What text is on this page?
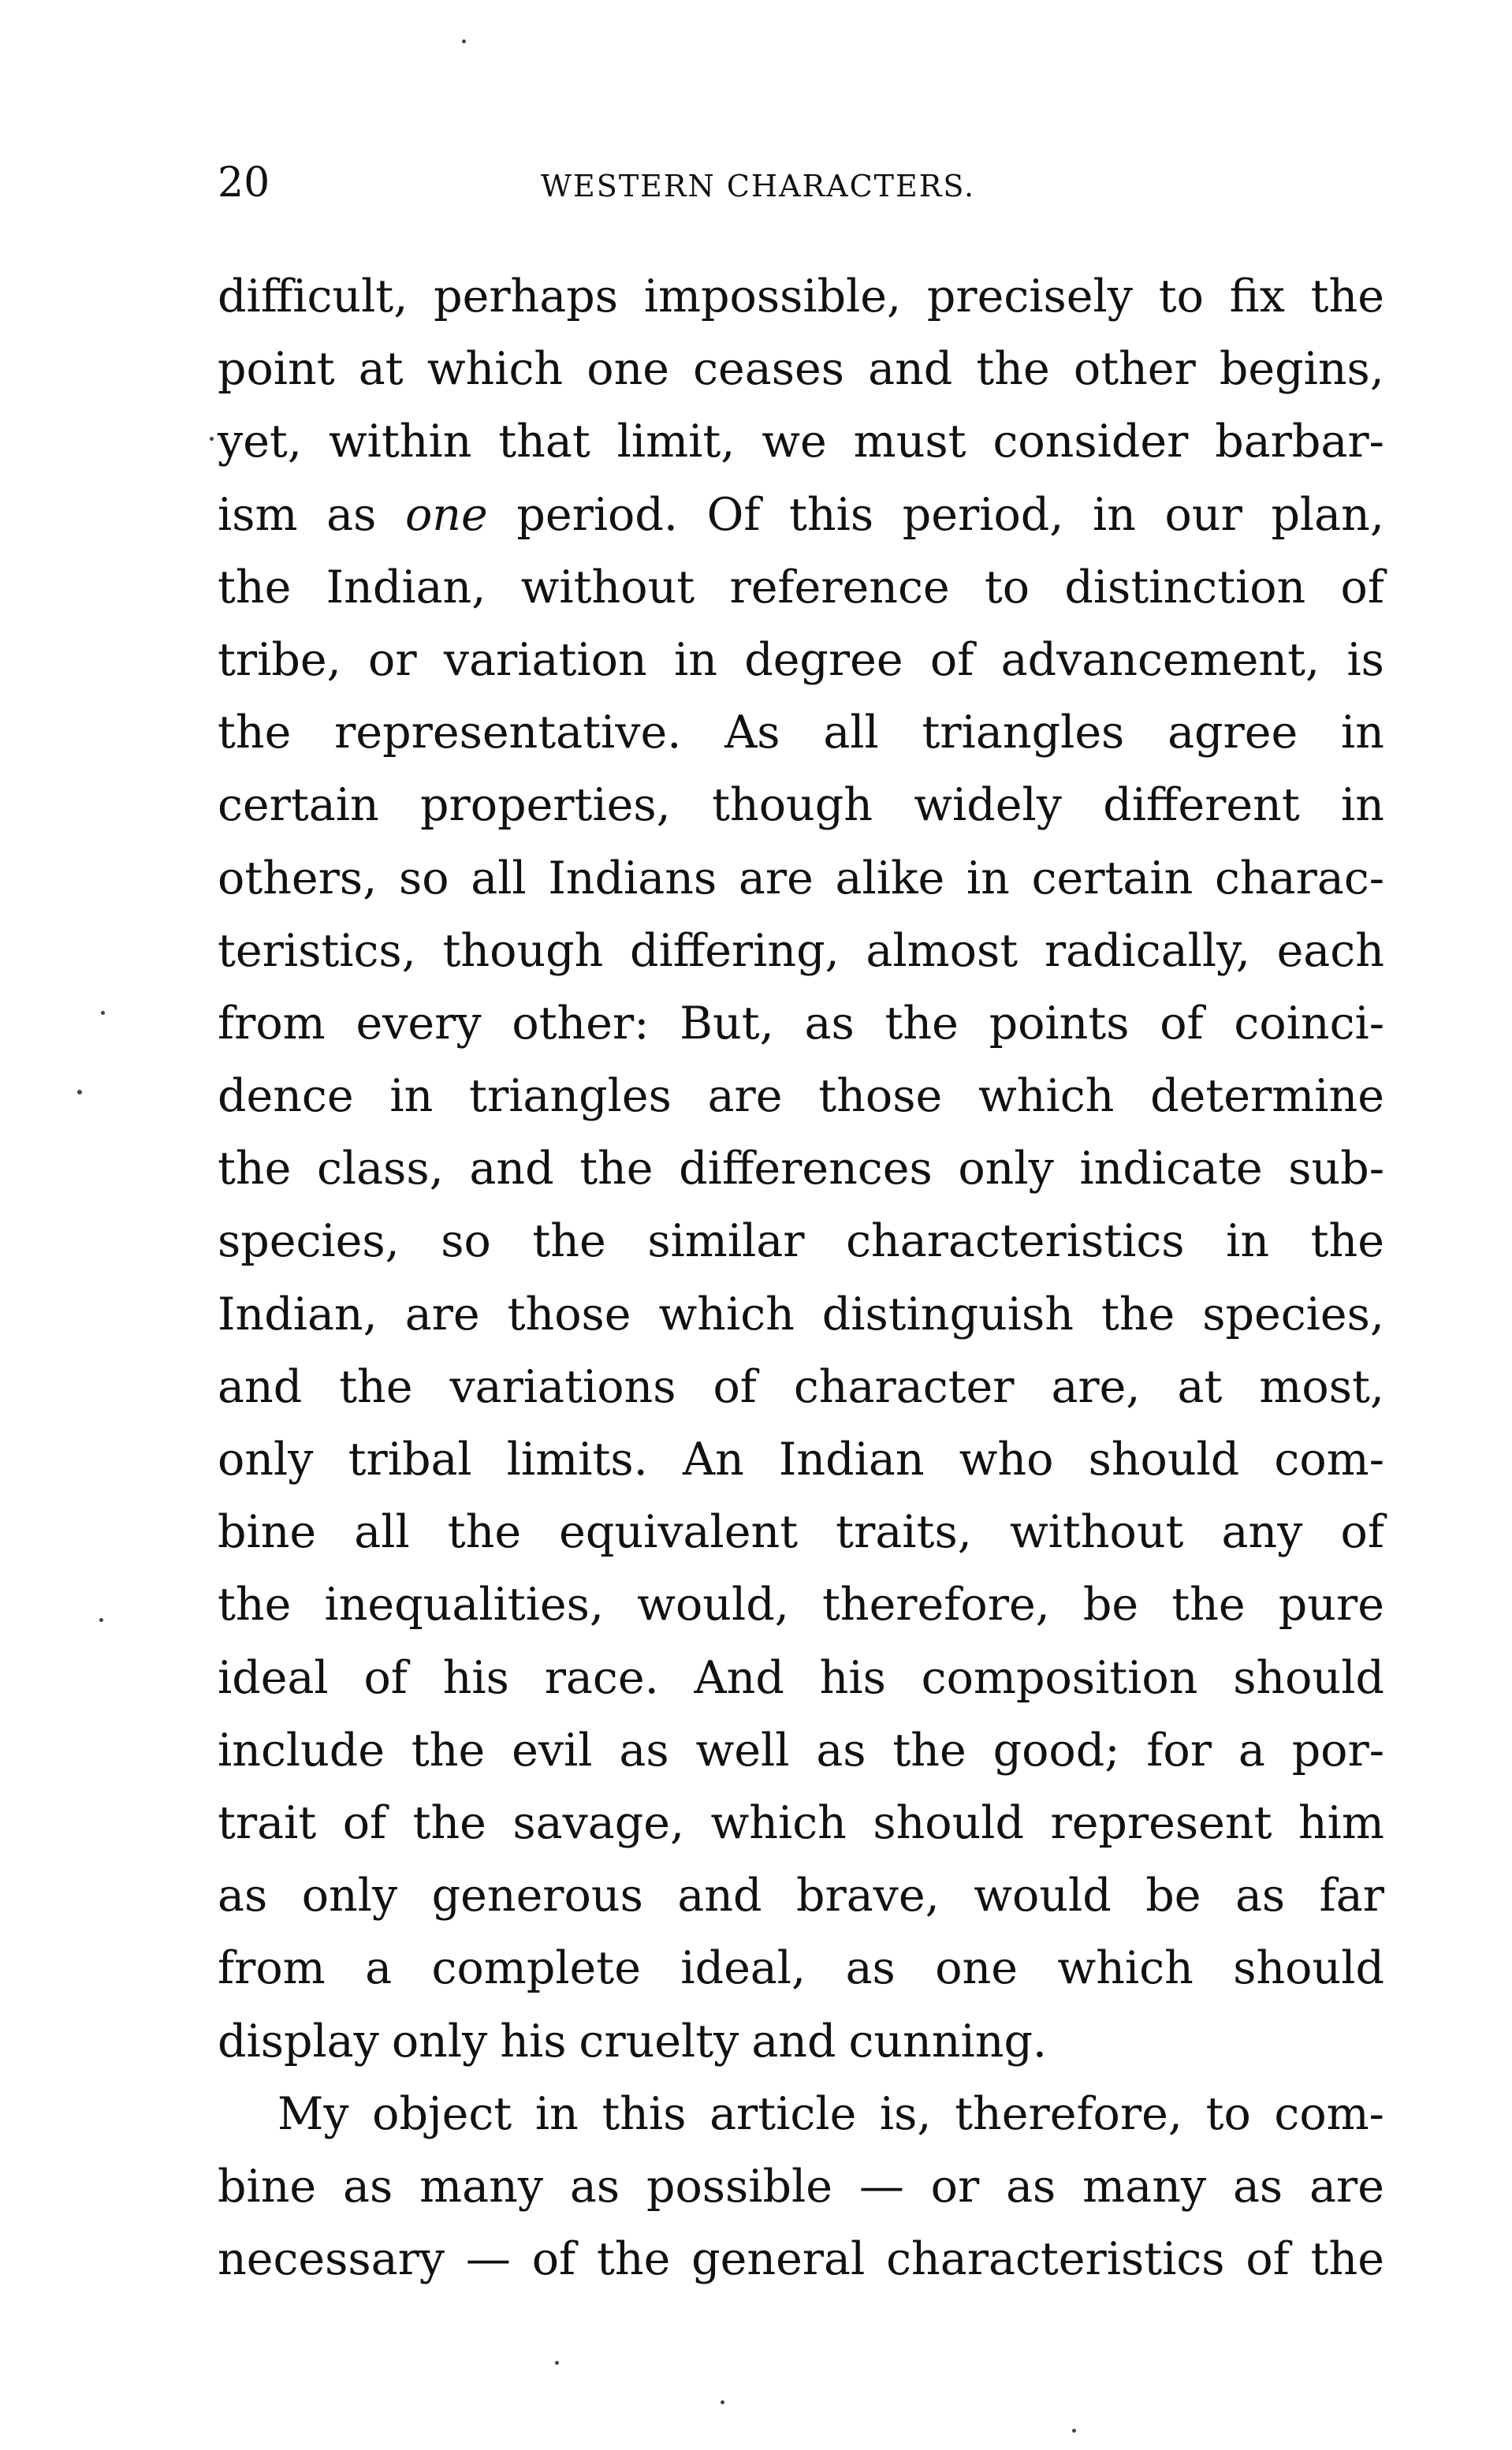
20	WESTERN CHARACTERS.
difficult, perhaps impossible, precisely to fix the
point at which one ceases and the other begins,
yet, within that limit, we must consider barbar-
ism as one period. Of this period, in our plan,
the Indian, without reference to distinction of
tribe, or variation in degree of advancement, is
the representative. As all triangles agree in
certain properties, though widely different in
others, so all Indians are alike in certain charac-
teristics, though differing, almost radically, each
from every other: But, as the points of coinci-
dence in triangles are those which determine
the class, and the differences only indicate sub-
species, so the similar characteristics in the
Indian, are those which distinguish the species,
and the variations of character are, at most,
only tribal limits. An Indian who should com-
bine all the equivalent traits, without any of
the inequalities, would, therefore, be the pure
ideal of his race. And his composition should
include the evil as well as the good; for a por-
trait of the savage, which should represent him
as only generous and brave, would be as far
from a complete ideal, as one which should
display only his cruelty and cunning.
My object in this article is, therefore, to com-
bine as many as possible — or as many as are
necessary — of the general characteristics of the
